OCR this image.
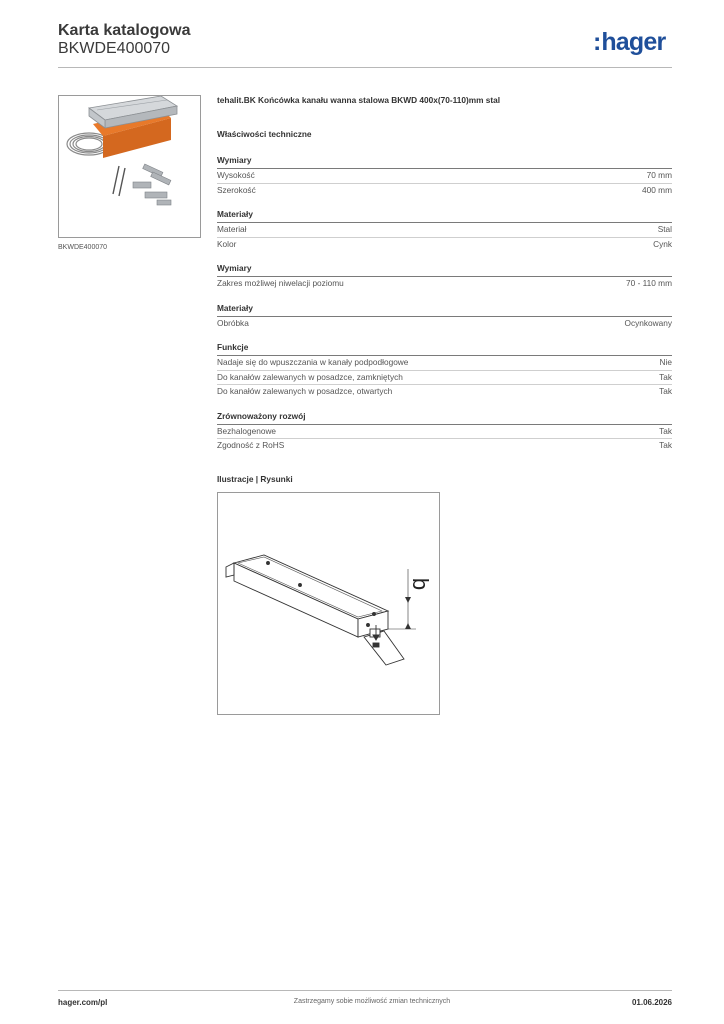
Karta katalogowa
BKWDE400070	:hager
BKWDE400070
tehalit.BK Końcówka kanału wanna stalowa BKWD 400x(70-110)mm stal
Właściwości techniczne
Wymiary
Wysokość	70 mm
Szerokość	400 mm
Materiały
Materiał	Stal
Kolor	Cynk
Wymiary
Zakres możliwej niwelacji poziomu	70 - 110 mm
Materiały
Obróbka	Ocynkowany
Funkcje
Nadaje się do wpuszczania w kanały podpodłogowe	Nie
Do kanałów zalewanych w posadzce, zamkniętych	Tak
Do kanałów zalewanych w posadzce, otwartych	Tak
Zrównoważony rozwój
Bezhalogenowe	Tak
Zgodność z RoHS	Tak
Ilustracje | Rysunki
b
hager.com/pl	Zastrzegamy sobie możliwość zmian technicznych	01.06.2026
